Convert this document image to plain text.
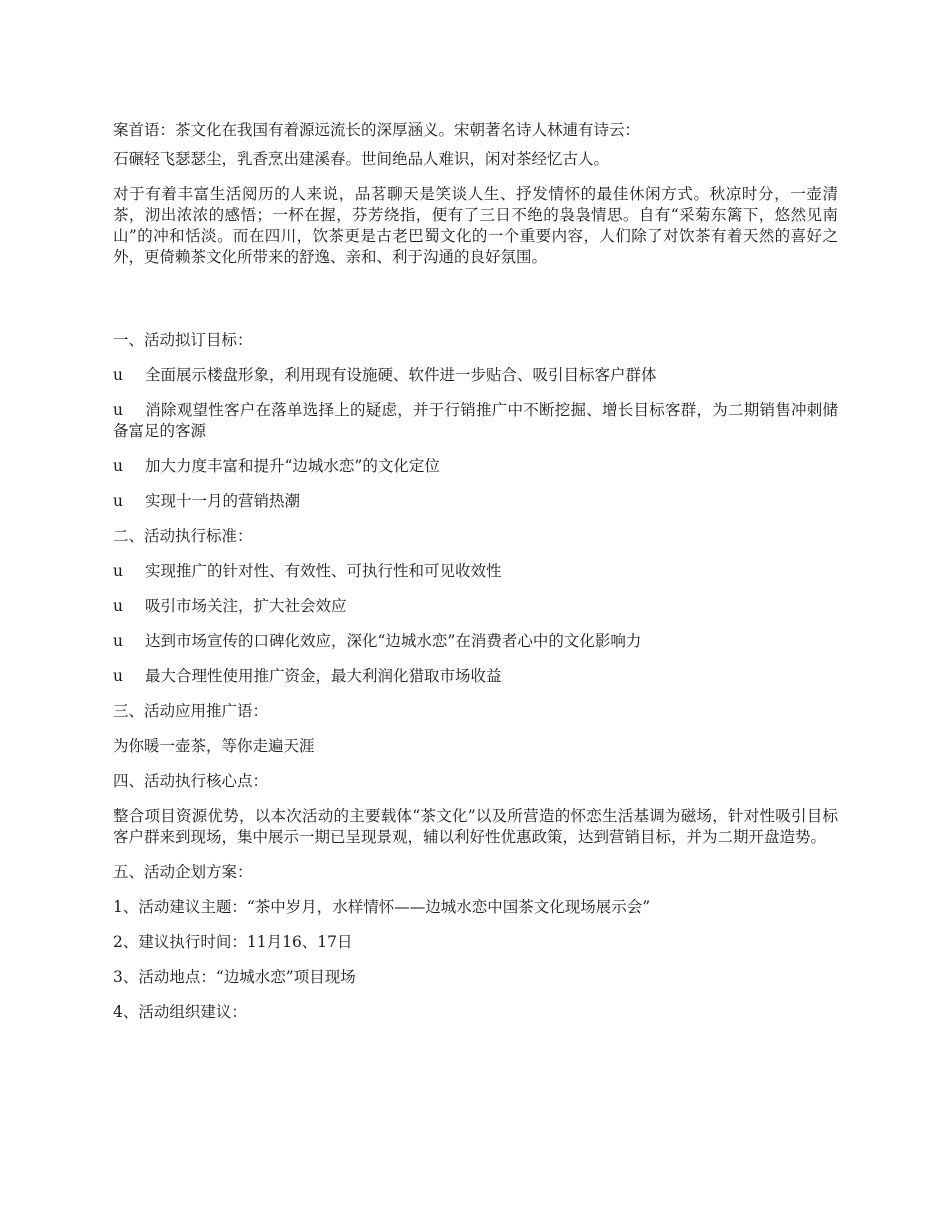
案首语：茶文化在我国有着源远流长的深厚涵义。宋朝著名诗人林逋有诗云：

石碾轻飞瑟瑟尘，乳香烹出建溪春。世间绝品人难识，闲对茶经忆古人。

对于有着丰富生活阅历的人来说，品茗聊天是笑谈人生、抒发情怀的最佳休闲方式。秋凉时分，一壶清茶，沏出浓浓的感悟；一杯在握，芬芳绕指，便有了三日不绝的袅袅情思。自有“采菊东篱下，悠然见南山”的冲和恬淡。而在四川，饮茶更是古老巴蜀文化的一个重要内容，人们除了对饮茶有着天然的喜好之外，更倚赖茶文化所带来的舒逸、亲和、利于沟通的良好氛围。

一、活动拟订目标：

u 全面展示楼盘形象，利用现有设施硬、软件进一步贴合、吸引目标客户群体

u 消除观望性客户在落单选择上的疑虑，并于行销推广中不断挖掘、增长目标客群，为二期销售冲刺储备富足的客源

u 加大力度丰富和提升“边城水恋”的文化定位

u 实现十一月的营销热潮

二、活动执行标准：

u 实现推广的针对性、有效性、可执行性和可见收效性

u 吸引市场关注，扩大社会效应

u 达到市场宣传的口碑化效应，深化“边城水恋”在消费者心中的文化影响力

u 最大合理性使用推广资金，最大利润化猎取市场收益

三、活动应用推广语：

为你暖一壶茶，等你走遍天涯

四、活动执行核心点：

整合项目资源优势，以本次活动的主要载体“茶文化”以及所营造的怀恋生活基调为磁场，针对性吸引目标客户群来到现场，集中展示一期已呈现景观，辅以利好性优惠政策，达到营销目标，并为二期开盘造势。

五、活动企划方案：

1、活动建议主题：“茶中岁月，水样情怀——边城水恋中国茶文化现场展示会”

2、建议执行时间：11月16、17日

3、活动地点：“边城水恋”项目现场

4、活动组织建议：
